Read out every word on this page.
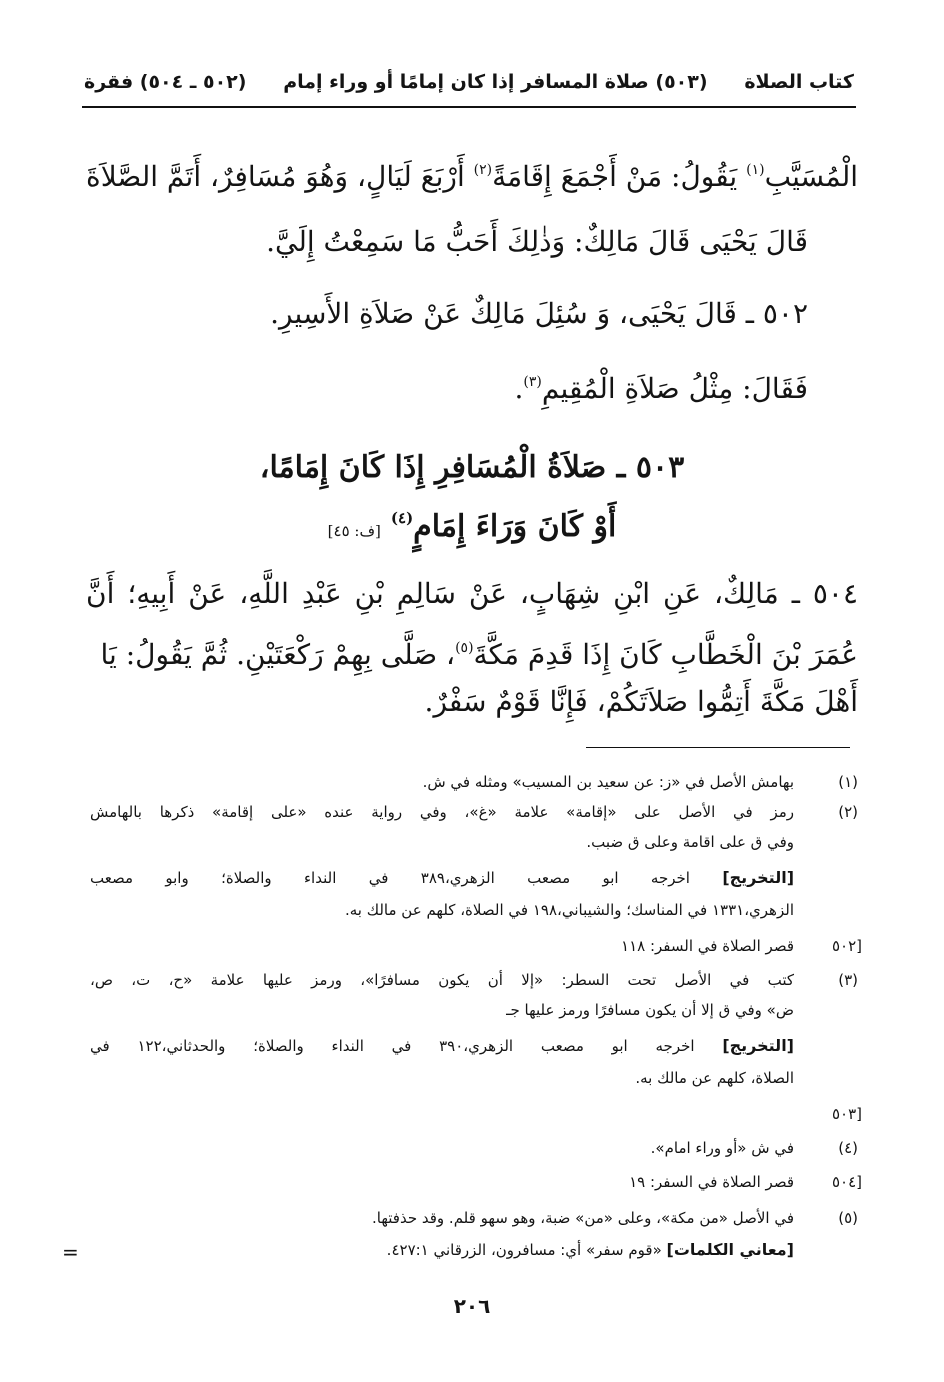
كتاب الصلاة
(٥٠٣) صلاة المسافر إذا كان إمامًا أو وراء إمام
(٥٠٢ ـ ٥٠٤) فقرة
الْمُسَيَّبِ$^{(١)}$ يَقُولُ: مَنْ أَجْمَعَ إِقَامَةً$^{(٢)}$ أَرْبَعَ لَيَالٍ، وَهُوَ مُسَافِرٌ، أَتَمَّ الصَّلاَةَ
قَالَ يَحْيَى قَالَ مَالِكٌ: وَذٰلِكَ أَحَبُّ مَا سَمِعْتُ إِلَيَّ.
٥٠٢ ـ قَالَ يَحْيَى، وَ سُئِلَ مَالِكٌ عَنْ صَلاَةِ الأَسِيرِ.
فَقَالَ: مِثْلُ صَلاَةِ الْمُقِيمِ$^{(٣)}$.
٥٠٣ ـ صَلاَةُ الْمُسَافِرِ إِذَا كَانَ إِمَامًا،
أَوْ كَانَ وَرَاءَ إِمَامٍ$^{(٤)}$[ف: ٤٥]
٥٠٤ ـ مَالِكٌ، عَنِ ابْنِ شِهَابٍ، عَنْ سَالِمِ بْنِ عَبْدِ اللَّهِ، عَنْ أَبِيهِ؛ أَنَّ
عُمَرَ بْنَ الْخَطَّابِ كَانَ إِذَا قَدِمَ مَكَّةَ$^{(٥)}$، صَلَّى بِهِمْ رَكْعَتَيْنِ. ثُمَّ يَقُولُ: يَا
أَهْلَ مَكَّةَ أَتِمُّوا صَلاَتَكُمْ، فَإِنَّا قَوْمٌ سَفْرٌ.
(١)
بهامش الأصل في «ز: عن سعيد بن المسيب» ومثله في ش.
(٢)
رمز في الأصل على «إقامة» علامة «غ»، وفي رواية عنده «على إقامة» ذكرها بالهامش
وفي ق على اقامة وعلى ق ضبب.
[التخريج] اخرجه ابو مصعب الزهري،٣٨٩ في النداء والصلاة؛ وابو مصعب
الزهري،١٣٣١ في المناسك؛ والشيباني،١٩٨ في الصلاة، كلهم عن مالك به.
[٥٠٢
قصر الصلاة في السفر: ١١٨
(٣)
كتب في الأصل تحت السطر: «إلا أن يكون مسافرًا»، ورمز عليها علامة «ح، ت، ص،
ض» وفي ق إلا أن يكون مسافرًا ورمز عليها جـ
[التخريج] اخرجه ابو مصعب الزهري،٣٩٠ في النداء والصلاة؛ والحدثاني،١٢٢ في
الصلاة، كلهم عن مالك به.
[٥٠٣
(٤)
في ش «أو وراء امام».
[٥٠٤
قصر الصلاة في السفر: ١٩
(٥)
في الأصل «من مكة»، وعلى «من» ضبة، وهو سهو قلم. وقد حذفتها.
[معاني الكلمات] «قوم سفر» أي: مسافرون، الزرقاني ٤٢٧:١.
=
٢٠٦
